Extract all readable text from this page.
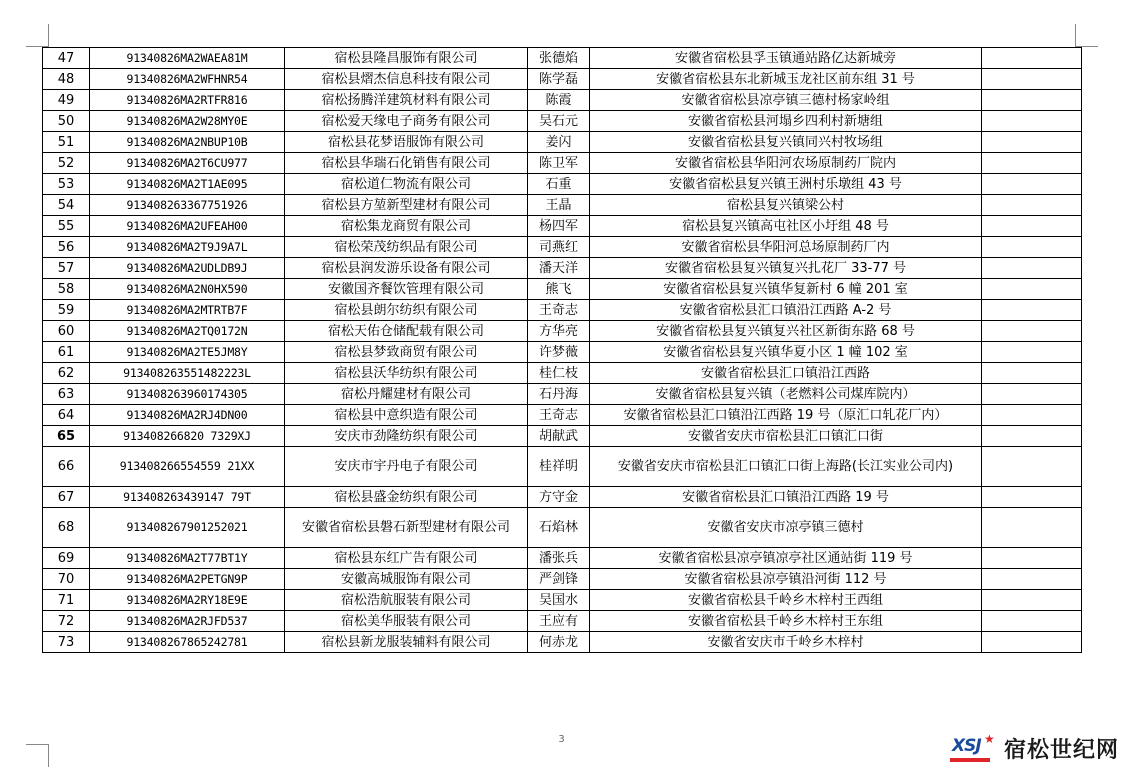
47	91340826MA2WAEA81M	宿松县隆昌服饰有限公司	张德焰	安徽省宿松县孚玉镇通站路亿达新城旁	
48	91340826MA2WFHNR54	宿松县熠杰信息科技有限公司	陈学磊	安徽省宿松县东北新城玉龙社区前东组 31 号	
49	91340826MA2RTFR816	宿松扬腾洋建筑材料有限公司	陈霞	安徽省宿松县凉亭镇三德村杨家岭组	
50	91340826MA2W28MY0E	宿松爱天缘电子商务有限公司	吴石元	安徽省宿松县河塌乡四利村新塘组	
51	91340826MA2NBUP10B	宿松县花梦语服饰有限公司	姜闪	安徽省宿松县复兴镇同兴村牧场组	
52	91340826MA2T6CU977	宿松县华瑞石化销售有限公司	陈卫军	安徽省宿松县华阳河农场原制药厂院内	
53	91340826MA2T1AE095	宿松道仁物流有限公司	石重	安徽省宿松县复兴镇王洲村乐墩组 43 号	
54	913408263367751926	宿松县方堃新型建材有限公司	王晶	宿松县复兴镇梁公村	
55	91340826MA2UFEAH00	宿松集龙商贸有限公司	杨四军	宿松县复兴镇高屯社区小圩组 48 号	
56	91340826MA2T9J9A7L	宿松荣茂纺织品有限公司	司燕红	安徽省宿松县华阳河总场原制药厂内	
57	91340826MA2UDLDB9J	宿松县润发游乐设备有限公司	潘天洋	安徽省宿松县复兴镇复兴扎花厂 33-77 号	
58	91340826MA2N0HX590	安徽国齐餐饮管理有限公司	熊飞	安徽省宿松县复兴镇华复新村 6 幢 201 室	
59	91340826MA2MTRTB7F	宿松县朗尔纺织有限公司	王奇志	安徽省宿松县汇口镇沿江西路 A-2 号	
60	91340826MA2TQ0172N	宿松天佑仓储配载有限公司	方华亮	安徽省宿松县复兴镇复兴社区新街东路 68 号	
61	91340826MA2TE5JM8Y	宿松县梦致商贸有限公司	许梦薇	安徽省宿松县复兴镇华夏小区 1 幢 102 室	
62	913408263551482223L	宿松县沃华纺织有限公司	桂仁枝	安徽省宿松县汇口镇沿江西路	
63	913408263960174305	宿松丹耀建材有限公司	石丹海	安徽省宿松县复兴镇（老燃料公司煤库院内）	
64	91340826MA2RJ4DN00	宿松县中意织造有限公司	王奇志	安徽省宿松县汇口镇沿江西路 19 号（原汇口轧花厂内）	
65	913408266820 7329XJ	安庆市劲隆纺织有限公司	胡献武	安徽省安庆市宿松县汇口镇汇口街	
66	913408266554559 21XX	安庆市宇丹电子有限公司	桂祥明	安徽省安庆市宿松县汇口镇汇口街上海路(长江实业公司内)	
67	913408263439147 79T	宿松县盛金纺织有限公司	方守金	安徽省宿松县汇口镇沿江西路 19 号	
68	913408267901252021	安徽省宿松县磐石新型建材有限公司	石焰林	安徽省安庆市凉亭镇三德村	
69	91340826MA2T77BT1Y	宿松县东红广告有限公司	潘张兵	安徽省宿松县凉亭镇凉亭社区通站街 119 号	
70	91340826MA2PETGN9P	安徽高城服饰有限公司	严剑锋	安徽省宿松县凉亭镇沿河街 112 号	
71	91340826MA2RY18E9E	宿松浩航服装有限公司	吴国水	安徽省宿松县千岭乡木梓村王西组	
72	91340826MA2RJFD537	宿松美华服装有限公司	王应有	安徽省宿松县千岭乡木梓村王东组	
73	913408267865242781	宿松县新龙服装辅料有限公司	何赤龙	安徽省安庆市千岭乡木梓村	
3	XSJ ★ 宿松世纪网
